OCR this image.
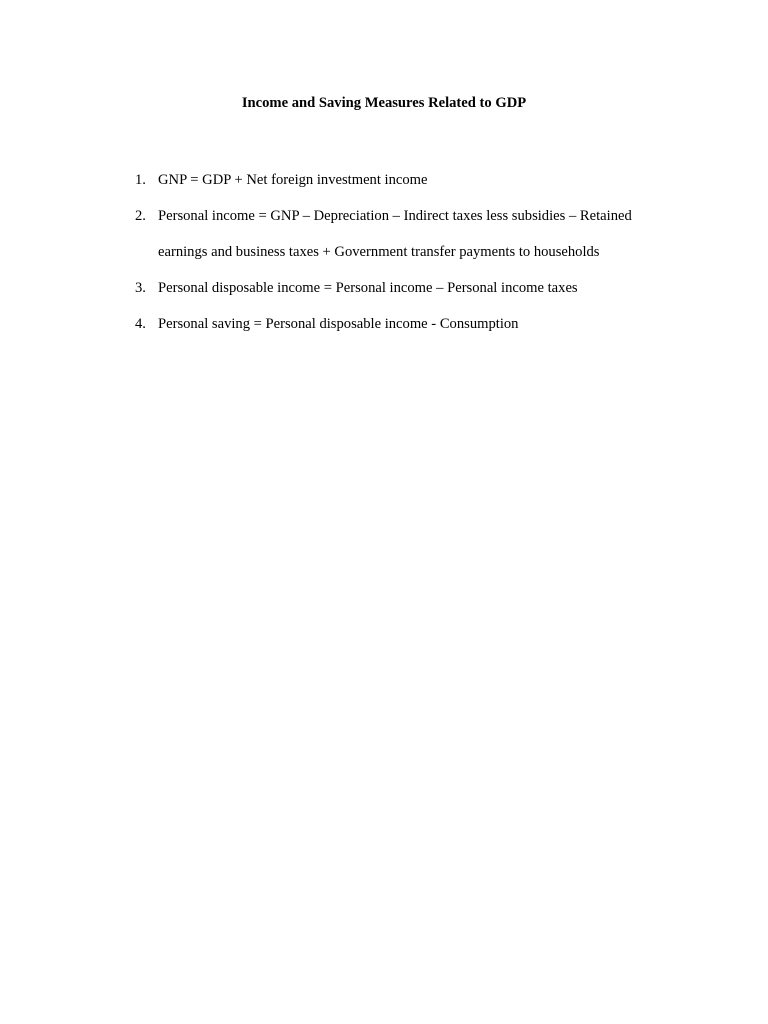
Income and Saving Measures Related to GDP
1. GNP = GDP + Net foreign investment income
2. Personal income = GNP – Depreciation – Indirect taxes less subsidies – Retained earnings and business taxes + Government transfer payments to households
3. Personal disposable income = Personal income – Personal income taxes
4. Personal saving = Personal disposable income - Consumption
